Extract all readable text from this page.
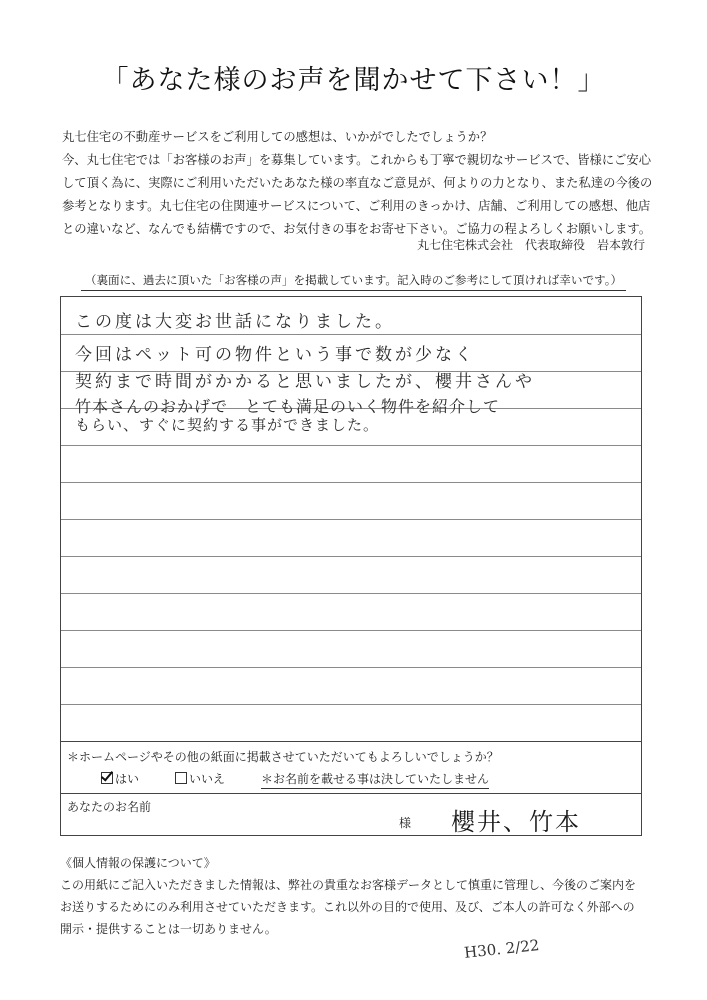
「あなた様のお声を聞かせて下さい！」
丸七住宅の不動産サービスをご利用しての感想は、いかがでしたでしょうか？
今、丸七住宅では「お客様のお声」を募集しています。これからも丁寧で親切なサービスで、皆様にご安心
して頂く為に、実際にご利用いただいたあなた様の率直なご意見が、何よりの力となり、また私達の今後の
参考となります。丸七住宅の住関連サービスについて、ご利用のきっかけ、店舗、ご利用しての感想、他店
との違いなど、なんでも結構ですので、お気付きの事をお寄せ下さい。ご協力の程よろしくお願いします。
丸七住宅株式会社　代表取締役　岩本敦行
（裏面に、過去に頂いた「お客様の声」を掲載しています。記入時のご参考にして頂ければ幸いです。）
この度は大変お世話になりました。
今回はペット可の物件という事で数が少なく
契約まで時間がかかると思いましたが、櫻井さんや
竹本さんのおかげで　とても満足のいく物件を紹介して
もらい、すぐに契約する事ができました。
＊ホームページやその他の紙面に掲載させていただいてもよろしいでしょうか？
はい	いいえ	＊お名前を載せる事は決していたしません
あなたのお名前
様 櫻井、竹本
《個人情報の保護について》
この用紙にご記入いただきました情報は、弊社の貴重なお客様データとして慎重に管理し、今後のご案内を
お送りするためにのみ利用させていただきます。これ以外の目的で使用、及び、ご本人の許可なく外部への
開示・提供することは一切ありません。
H30. 2/22
